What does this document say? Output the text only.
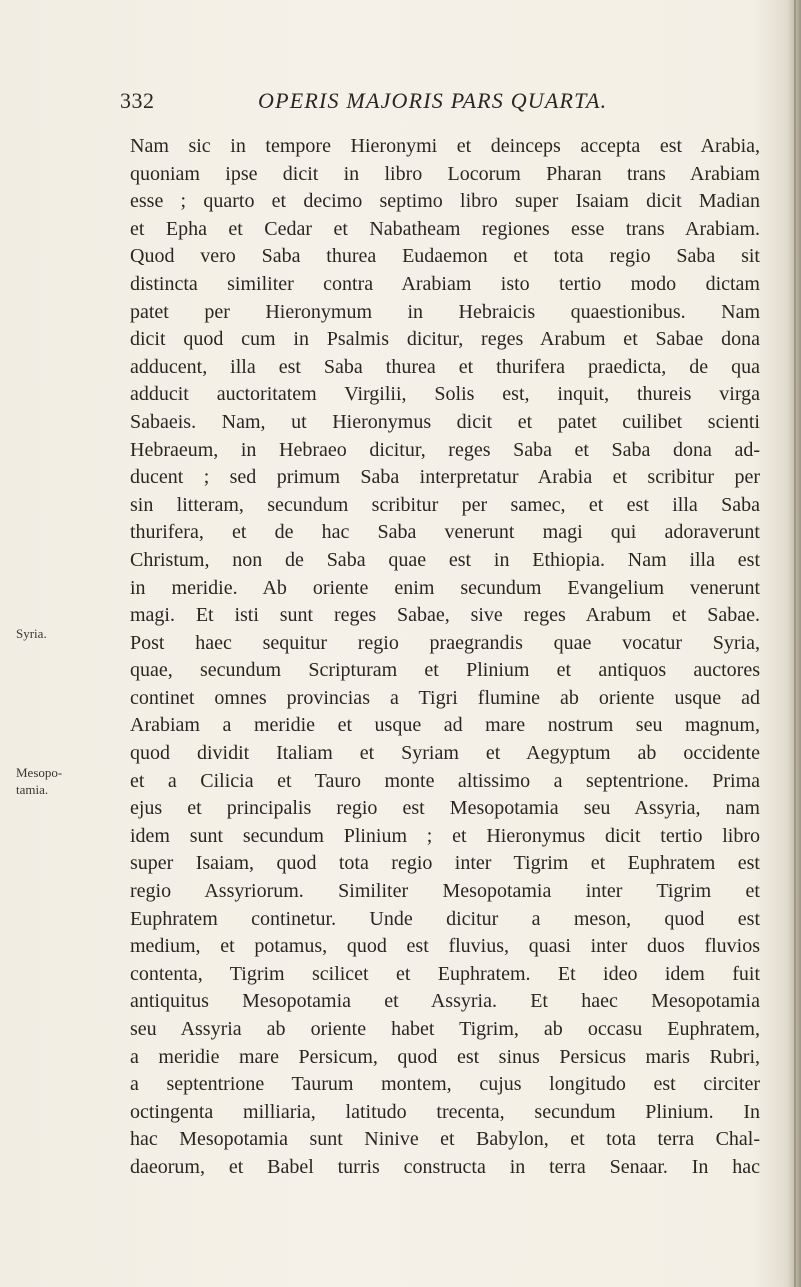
332	OPERIS MAJORIS PARS QUARTA.
Syria.
Mesopo-
tamia.
Nam sic in tempore Hieronymi et deinceps accepta est Arabia,
quoniam ipse dicit in libro Locorum Pharan trans Arabiam
esse ; quarto et decimo septimo libro super Isaiam dicit Madian
et Epha et Cedar et Nabatheam regiones esse trans Arabiam.
Quod vero Saba thurea Eudaemon et tota regio Saba sit
distincta similiter contra Arabiam isto tertio modo dictam
patet per Hieronymum in Hebraicis quaestionibus. Nam
dicit quod cum in Psalmis dicitur, reges Arabum et Sabae dona
adducent, illa est Saba thurea et thurifera praedicta, de qua
adducit auctoritatem Virgilii, Solis est, inquit, thureis virga
Sabaeis. Nam, ut Hieronymus dicit et patet cuilibet scienti
Hebraeum, in Hebraeo dicitur, reges Saba et Saba dona ad-
ducent ; sed primum Saba interpretatur Arabia et scribitur per
sin litteram, secundum scribitur per samec, et est illa Saba
thurifera, et de hac Saba venerunt magi qui adoraverunt
Christum, non de Saba quae est in Ethiopia. Nam illa est
in meridie. Ab oriente enim secundum Evangelium venerunt
magi. Et isti sunt reges Sabae, sive reges Arabum et Sabae.
Post haec sequitur regio praegrandis quae vocatur Syria,
quae, secundum Scripturam et Plinium et antiquos auctores
continet omnes provincias a Tigri flumine ab oriente usque ad
Arabiam a meridie et usque ad mare nostrum seu magnum,
quod dividit Italiam et Syriam et Aegyptum ab occidente
et a Cilicia et Tauro monte altissimo a septentrione. Prima
ejus et principalis regio est Mesopotamia seu Assyria, nam
idem sunt secundum Plinium ; et Hieronymus dicit tertio libro
super Isaiam, quod tota regio inter Tigrim et Euphratem est
regio Assyriorum. Similiter Mesopotamia inter Tigrim et
Euphratem continetur. Unde dicitur a meson, quod est
medium, et potamus, quod est fluvius, quasi inter duos fluvios
contenta, Tigrim scilicet et Euphratem. Et ideo idem fuit
antiquitus Mesopotamia et Assyria. Et haec Mesopotamia
seu Assyria ab oriente habet Tigrim, ab occasu Euphratem,
a meridie mare Persicum, quod est sinus Persicus maris Rubri,
a septentrione Taurum montem, cujus longitudo est circiter
octingenta milliaria, latitudo trecenta, secundum Plinium. In
hac Mesopotamia sunt Ninive et Babylon, et tota terra Chal-
daeorum, et Babel turris constructa in terra Senaar. In hac
